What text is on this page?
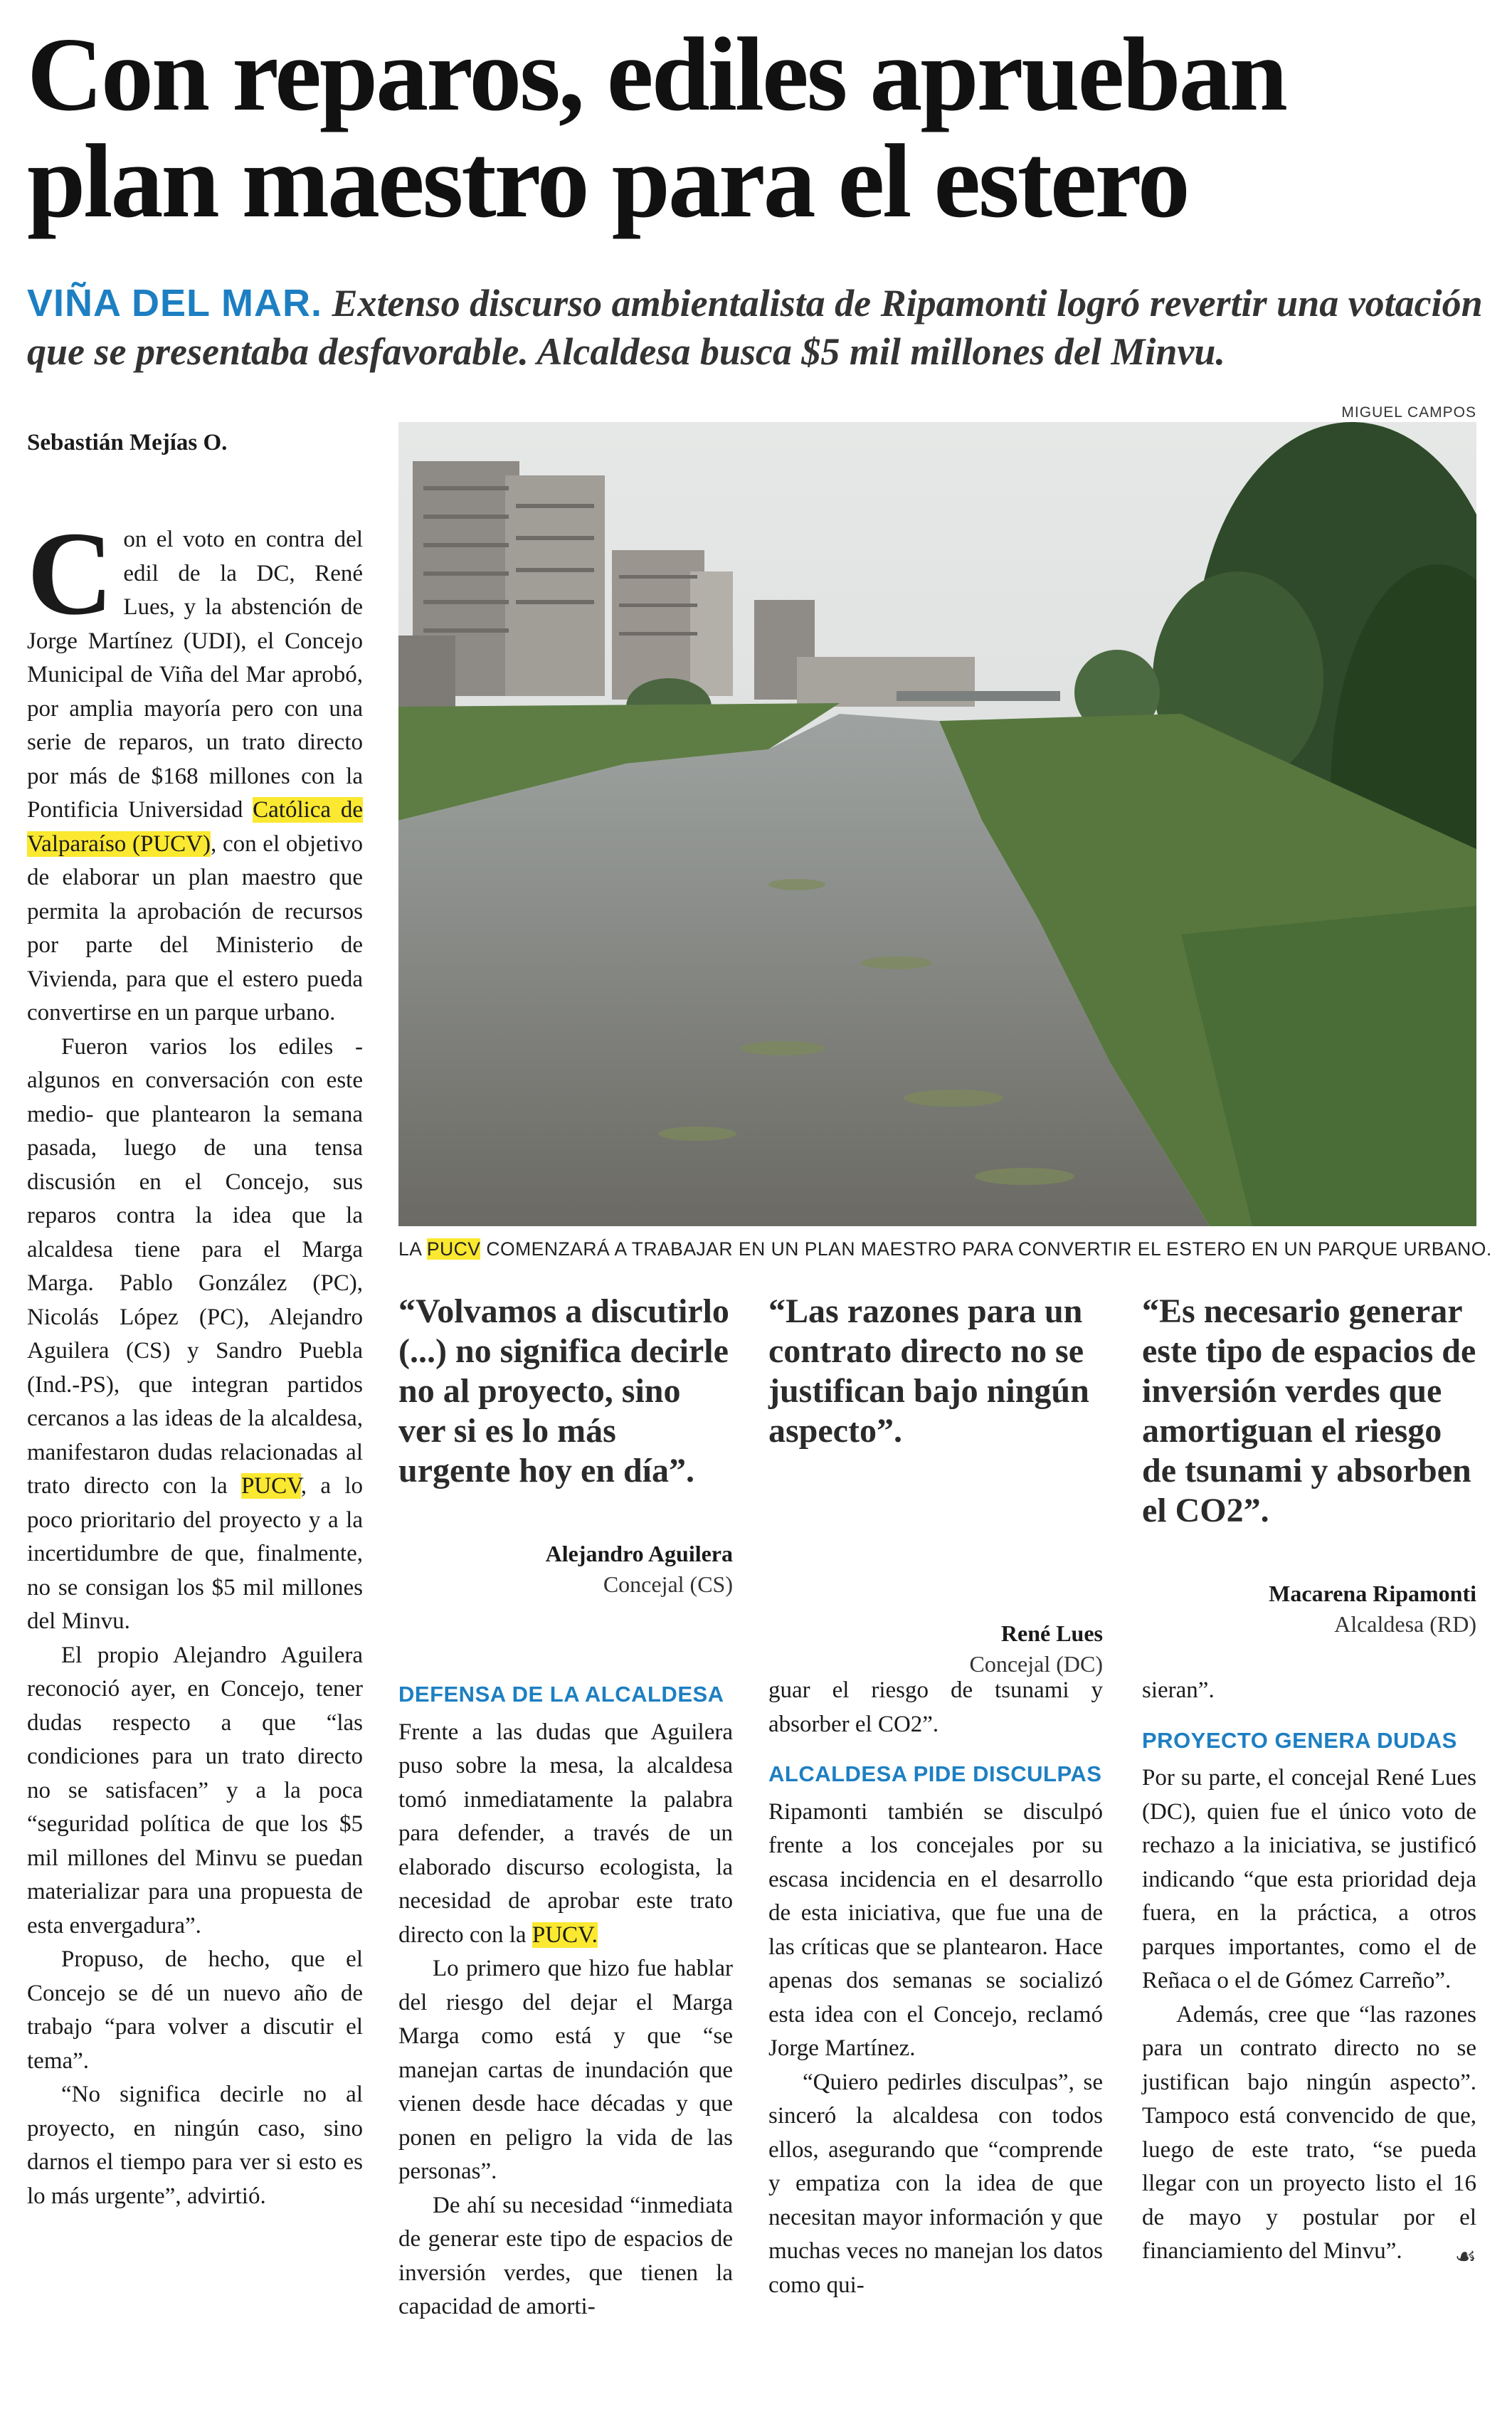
Con reparos, ediles aprueban plan maestro para el estero

VIÑA DEL MAR. Extenso discurso ambientalista de Ripamonti logró revertir una votación que se presentaba desfavorable. Alcaldesa busca $5 mil millones del Minvu.

Sebastián Mejías O.
MIGUEL CAMPOS
LA PUCV COMENZARÁ A TRABAJAR EN UN PLAN MAESTRO PARA CONVERTIR EL ESTERO EN UN PARQUE URBANO.

Con el voto en contra del edil de la DC, René Lues, y la abstención de Jorge Martínez (UDI), el Concejo Municipal de Viña del Mar aprobó, por amplia mayoría pero con una serie de reparos, un trato directo por más de $168 millones con la Pontificia Universidad Católica de Valparaíso (PUCV), con el objetivo de elaborar un plan maestro que permita la aprobación de recursos por parte del Ministerio de Vivienda, para que el estero pueda convertirse en un parque urbano.

Fueron varios los ediles -algunos en conversación con este medio- que plantearon la semana pasada, luego de una tensa discusión en el Concejo, sus reparos contra la idea que la alcaldesa tiene para el Marga Marga. Pablo González (PC), Nicolás López (PC), Alejandro Aguilera (CS) y Sandro Puebla (Ind.-PS), que integran partidos cercanos a las ideas de la alcaldesa, manifestaron dudas relacionadas al trato directo con la PUCV, a lo poco prioritario del proyecto y a la incertidumbre de que, finalmente, no se consigan los $5 mil millones del Minvu.

El propio Alejandro Aguilera reconoció ayer, en Concejo, tener dudas respecto a que “las condiciones para un trato directo no se satisfacen” y a la poca “seguridad política de que los $5 mil millones del Minvu se puedan materializar para una propuesta de esta envergadura”.

Propuso, de hecho, que el Concejo se dé un nuevo año de trabajo “para volver a discutir el tema”.

“No significa decirle no al proyecto, en ningún caso, sino darnos el tiempo para ver si esto es lo más urgente”, advirtió.

“Volvamos a discutirlo (...) no significa decirle no al proyecto, sino ver si es lo más urgente hoy en día”.
Alejandro Aguilera
Concejal (CS)
“Las razones para un contrato directo no se justifican bajo ningún aspecto”.
René Lues
Concejal (DC)
“Es necesario generar este tipo de espacios de inversión verdes que amortiguan el riesgo de tsunami y absorben el CO2”.
Macarena Ripamonti
Alcaldesa (RD)
DEFENSA DE LA ALCALDESA

Frente a las dudas que Aguilera puso sobre la mesa, la alcaldesa tomó inmediatamente la palabra para defender, a través de un elaborado discurso ecologista, la necesidad de aprobar este trato directo con la PUCV.

Lo primero que hizo fue hablar del riesgo del dejar el Marga Marga como está y que “se manejan cartas de inundación que vienen desde hace décadas y que ponen en peligro la vida de las personas”.

De ahí su necesidad “inmediata de generar este tipo de espacios de inversión verdes, que tienen la capacidad de amorti-

guar el riesgo de tsunami y absorber el CO2”.

ALCALDESA PIDE DISCULPAS

Ripamonti también se disculpó frente a los concejales por su escasa incidencia en el desarrollo de esta iniciativa, que fue una de las críticas que se plantearon. Hace apenas dos semanas se socializó esta idea con el Concejo, reclamó Jorge Martínez.

“Quiero pedirles disculpas”, se sinceró la alcaldesa con todos ellos, asegurando que “comprende y empatiza con la idea de que necesitan mayor información y que muchas veces no manejan los datos como qui-

sieran”.

PROYECTO GENERA DUDAS

Por su parte, el concejal René Lues (DC), quien fue el único voto de rechazo a la iniciativa, se justificó indicando “que esta prioridad deja fuera, en la práctica, a otros parques importantes, como el de Reñaca o el de Gómez Carreño”.

Además, cree que “las razones para un contrato directo no se justifican bajo ningún aspecto”. Tampoco está convencido de que, luego de este trato, “se pueda llegar con un proyecto listo el 16 de mayo y postular por el financiamiento del Minvu”.	☙
